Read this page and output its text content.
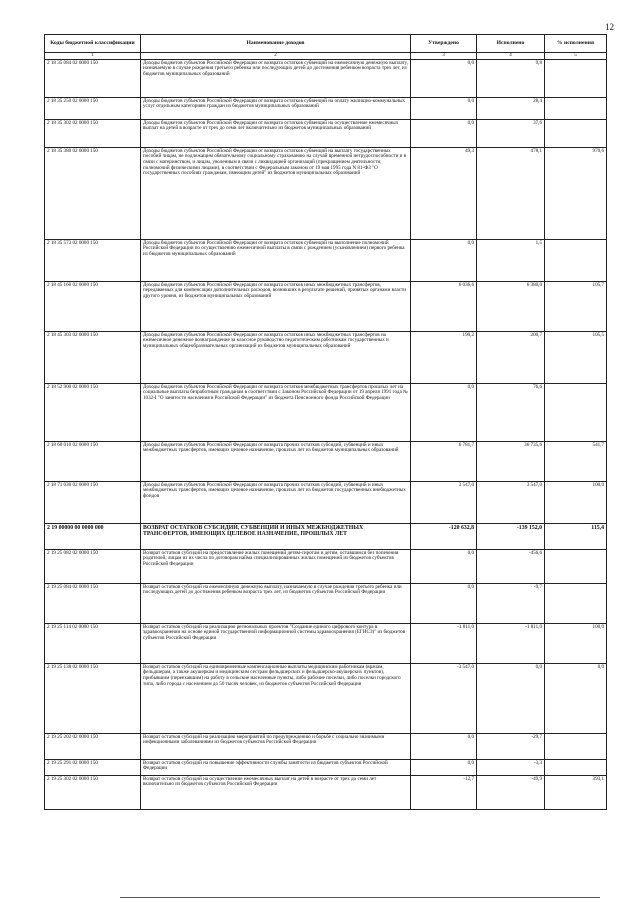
12
Коды бюджетной классификации	Наименование доходов	Утверждено	Исполнено	% исполнения
1	2	3	4	5
2 18 35 084 02 0000 150	Доходы бюджетов субъектов Российской Федерации от возврата остатков субвенций на ежемесячную денежную выплату, назначаемую в случае рождения третьего ребенка или последующих детей до достижения ребенком возраста трех лет, из бюджетов муниципальных образований	0,0	9,8	
2 18 35 250 02 0000 150	Доходы бюджетов субъектов Российской Федерации от возврата остатков субвенций на оплату жилищно-коммунальных услуг отдельным категориям граждан из бюджетов муниципальных образований	0,0	28,4	
2 18 35 302 02 0000 150	Доходы бюджетов субъектов Российской Федерации от возврата остатков субвенций на осуществление ежемесячных выплат на детей в возрасте от трех до семи лет включительно из бюджетов муниципальных образований	0,0	37,6	
2 18 35 380 02 0000 150	Доходы бюджетов субъектов Российской Федерации от возврата остатков субвенций на выплату государственных пособий лицам, не подлежащим обязательному социальному страхованию на случай временной нетрудоспособности и в связи с материнством, и лицам, уволенным в связи с ликвидацией организаций (прекращением деятельности, полномочий физическими лицами), в соответствии с Федеральным законом от 19 мая 1995 года N 81-ФЗ "О государственных пособиях гражданам, имеющим детей" из бюджетов муниципальных образований	49,3	478,1	970,6
2 18 35 573 02 0000 150	Доходы бюджетов субъектов Российской Федерации от возврата остатков субвенций на выполнение полномочий Российской Федерации по осуществлению ежемесячной выплаты в связи с рождением (усыновлением) первого ребенка из бюджетов муниципальных образований	0,0	1,5	
2 18 45 160 02 0000 150	Доходы бюджетов субъектов Российской Федерации от возврата остатков иных межбюджетных трансфертов, передаваемых для компенсации дополнительных расходов, возникших в результате решений, принятых органами власти другого уровня, из бюджетов муниципальных образований	6 036,6	6 380,0	105,7
2 18 45 303 02 0000 150	Доходы бюджетов субъектов Российской Федерации от возврата остатков иных межбюджетных трансфертов на ежемесячное денежное вознаграждение за классное руководство педагогическим работникам государственных и муниципальных общеобразовательных организаций из бюджетов муниципальных образований	190,2	200,7	105,5
2 18 52 900 02 0000 150	Доходы бюджетов субъектов Российской Федерации от возврата остатков межбюджетных трансфертов прошлых лет на социальные выплаты безработным гражданам в соответствии с Законом Российской Федерации от 19 апреля 1991 года № 1032-I "О занятости населения в Российской Федерации" из бюджета Пенсионного фонда Российской Федерации	0,0	76,6	
2 18 60 010 02 0000 150	Доходы бюджетов субъектов Российской Федерации от возврата прочих остатков субсидий, субвенций и иных межбюджетных трансфертов, имеющих целевое назначение, прошлых лет из бюджетов муниципальных образований	6 781,7	36 735,6	541,7
2 18 71 030 02 0000 150	Доходы бюджетов субъектов Российской Федерации от возврата прочих остатков субсидий, субвенций и иных межбюджетных трансфертов, имеющих целевое назначение, прошлых лет из бюджетов государственных внебюджетных фондов	3 547,0	3 547,0	100,0
2 19 00000 00 0000 000	ВОЗВРАТ ОСТАТКОВ СУБСИДИЙ, СУБВЕНЦИЙ И ИНЫХ МЕЖБЮДЖЕТНЫХ ТРАНСФЕРТОВ, ИМЕЮЩИХ ЦЕЛЕВОЕ НАЗНАЧЕНИЕ, ПРОШЛЫХ ЛЕТ	-120 632,8	-139 152,0	115,4
2 19 25 082 02 0000 150	Возврат остатков субсидий на предоставление жилых помещений детям-сиротам и детям, оставшимся без попечения родителей, лицам из их числа по договорам найма специализированных жилых помещений из бюджетов субъектов Российской Федерации	0,0	-456,6	
2 19 25 084 02 0000 150	Возврат остатков субсидий на ежемесячную денежную выплату, назначаемую в случае рождения третьего ребенка или последующих детей до достижения ребенком возраста трех лет, из бюджетов субъектов Российской Федерации	0,0	-9,7	
2 19 25 114 02 0000 150	Возврат остатков субсидий на реализацию региональных проектов "Создание единого цифрового контура в здравоохранении на основе единой государственной информационной системы здравоохранения (ЕГИСЗ)" из бюджетов субъектов Российской Федерации	-1 811,0	-1 811,0	100,0
2 19 25 138 02 0000 150	Возврат остатков субсидий на единовременные компенсационные выплаты медицинским работникам (врачам, фельдшерам, а также акушеркам и медицинским сестрам фельдшерских и фельдшерско-акушерских пунктов), прибывшим (переехавшим) на работу в сельские населенные пункты, либо рабочие поселки, либо поселки городского типа, либо города с населением до 50 тысяч человек, из бюджетов субъектов Российской Федерации	-3 547,0	0,0	0,0
2 19 25 202 02 0000 150	Возврат остатков субсидий на реализацию мероприятий по предупреждению и борьбе с социально значимыми инфекционными заболеваниями из бюджетов субъектов Российской Федерации	0,0	-29,7	
2 19 25 291 02 0000 150	Возврат остатков субсидий на повышение эффективности службы занятости из бюджетов субъектов Российской Федерации	0,0	-3,3	
2 19 25 302 02 0000 150	Возврат остатков субсидий на осуществление ежемесячных выплат на детей в возрасте от трех до семи лет включительно из бюджетов субъектов Российской Федерации	-12,7	-49,9	393,1
